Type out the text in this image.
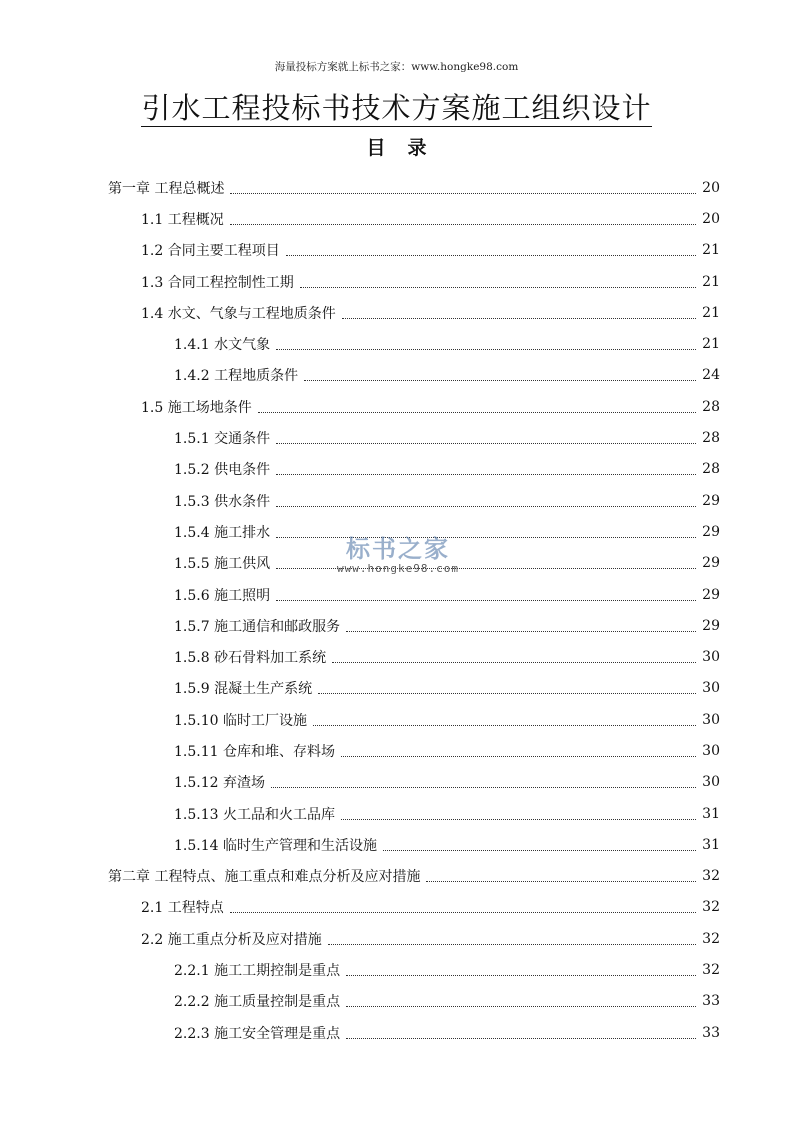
海量投标方案就上标书之家：www.hongke98.com
引水工程投标书技术方案施工组织设计
目录
第一章 工程总概述	20
1.1 工程概况	20
1.2 合同主要工程项目	21
1.3 合同工程控制性工期	21
1.4 水文、气象与工程地质条件	21
1.4.1 水文气象	21
1.4.2 工程地质条件	24
1.5 施工场地条件	28
1.5.1 交通条件	28
1.5.2 供电条件	28
1.5.3 供水条件	29
1.5.4 施工排水	29
1.5.5 施工供风	29
1.5.6 施工照明	29
1.5.7 施工通信和邮政服务	29
1.5.8 砂石骨料加工系统	30
1.5.9 混凝土生产系统	30
1.5.10 临时工厂设施	30
1.5.11 仓库和堆、存料场	30
1.5.12 弃渣场	30
1.5.13 火工品和火工品库	31
1.5.14 临时生产管理和生活设施	31
第二章 工程特点、施工重点和难点分析及应对措施	32
2.1 工程特点	32
2.2 施工重点分析及应对措施	32
2.2.1 施工工期控制是重点	32
2.2.2 施工质量控制是重点	33
2.2.3 施工安全管理是重点	33
标书之家
www.hongke98.com
